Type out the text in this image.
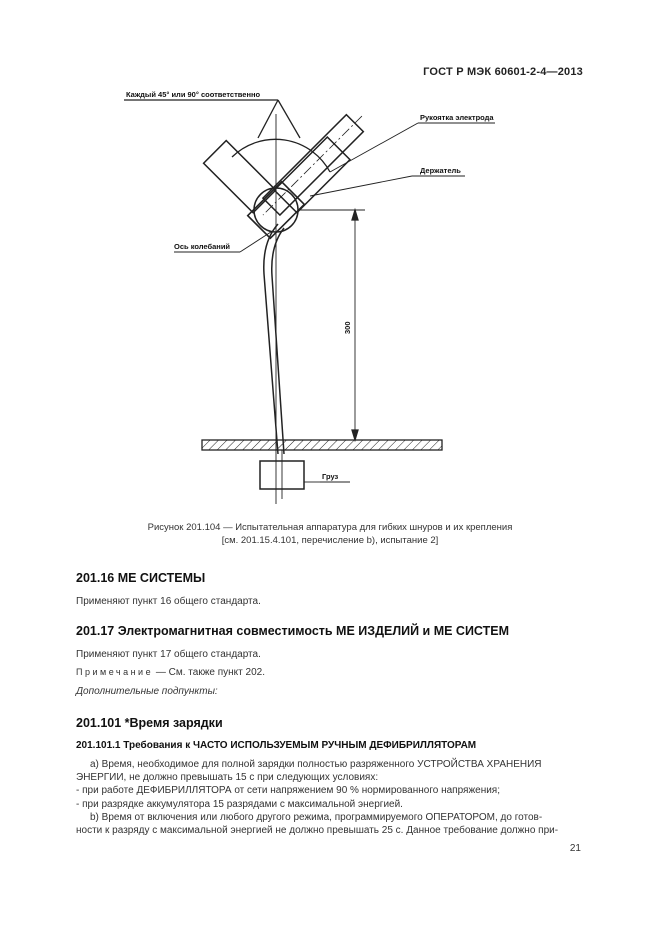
ГОСТ Р МЭК 60601-2-4—2013
Каждый 45° или 90° соответственно
Рукоятка электрода
Держатель
Ось колебаний
300
Груз
Рисунок 201.104 — Испытательная аппаратура для гибких шнуров и их крепления
[см. 201.15.4.101, перечисление b), испытание 2]
201.16 МЕ СИСТЕМЫ
Применяют пункт 16 общего стандарта.
201.17 Электромагнитная совместимость МЕ ИЗДЕЛИЙ и МЕ СИСТЕМ
Применяют пункт 17 общего стандарта.
Примечание — См. также пункт 202.
Дополнительные подпункты:
201.101 *Время зарядки
201.101.1 Требования к ЧАСТО ИСПОЛЬЗУЕМЫМ РУЧНЫМ ДЕФИБРИЛЛЯТОРАМ
а) Время, необходимое для полной зарядки полностью разряженного УСТРОЙСТВА ХРАНЕНИЯ
ЭНЕРГИИ, не должно превышать 15 с при следующих условиях:
- при работе ДЕФИБРИЛЛЯТОРА от сети напряжением 90 % нормированного напряжения;
- при разрядке аккумулятора 15 разрядами с максимальной энергией.
b) Время от включения или любого другого режима, программируемого ОПЕРАТОРОМ, до готов-
ности к разряду с максимальной энергией не должно превышать 25 с. Данное требование должно при-
21
